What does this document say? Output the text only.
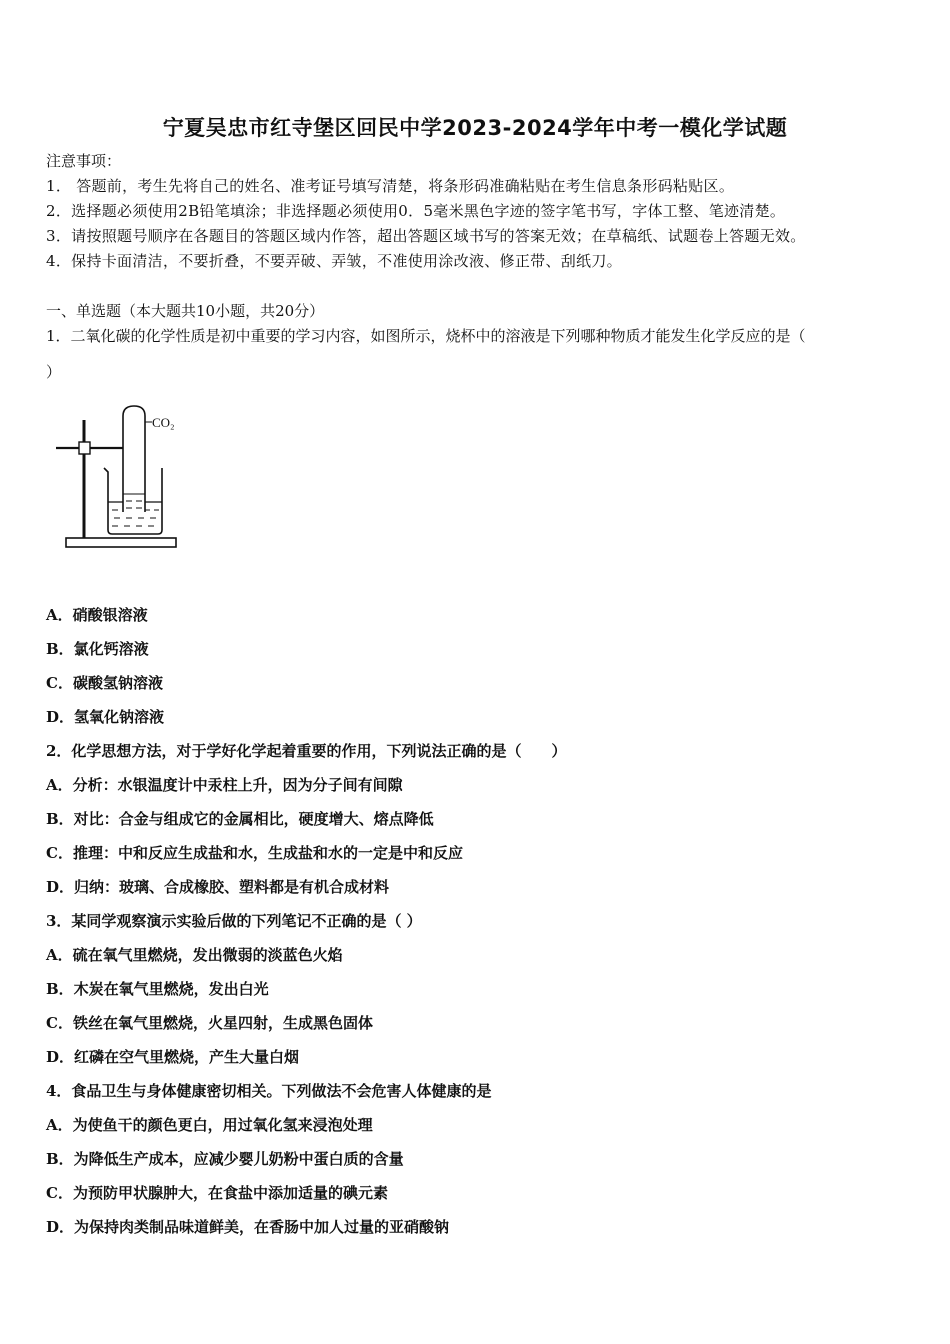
宁夏吴忠市红寺堡区回民中学2023-2024学年中考一模化学试题
注意事项：
1． 答题前，考生先将自己的姓名、准考证号填写清楚，将条形码准确粘贴在考生信息条形码粘贴区。
2．选择题必须使用2B铅笔填涂；非选择题必须使用0．5毫米黑色字迹的签字笔书写，字体工整、笔迹清楚。
3．请按照题号顺序在各题目的答题区域内作答，超出答题区域书写的答案无效；在草稿纸、试题卷上答题无效。
4．保持卡面清洁，不要折叠，不要弄破、弄皱，不准使用涂改液、修正带、刮纸刀。
一、单选题（本大题共10小题，共20分）
1．二氧化碳的化学性质是初中重要的学习内容，如图所示，烧杯中的溶液是下列哪种物质才能发生化学反应的是（
）
CO₂
A．硝酸银溶液
B．氯化钙溶液
C．碳酸氢钠溶液
D．氢氧化钠溶液
2．化学思想方法，对于学好化学起着重要的作用，下列说法正确的是（　　）
A．分析：水银温度计中汞柱上升，因为分子间有间隙
B．对比：合金与组成它的金属相比，硬度增大、熔点降低
C．推理：中和反应生成盐和水，生成盐和水的一定是中和反应
D．归纳：玻璃、合成橡胶、塑料都是有机合成材料
3．某同学观察演示实验后做的下列笔记不正确的是（ ）
A．硫在氧气里燃烧，发出微弱的淡蓝色火焰
B．木炭在氧气里燃烧，发出白光
C．铁丝在氧气里燃烧，火星四射，生成黑色固体
D．红磷在空气里燃烧，产生大量白烟
4．食品卫生与身体健康密切相关。下列做法不会危害人体健康的是
A．为使鱼干的颜色更白，用过氧化氢来浸泡处理
B．为降低生产成本，应减少婴儿奶粉中蛋白质的含量
C．为预防甲状腺肿大，在食盐中添加适量的碘元素
D．为保持肉类制品味道鲜美，在香肠中加人过量的亚硝酸钠
